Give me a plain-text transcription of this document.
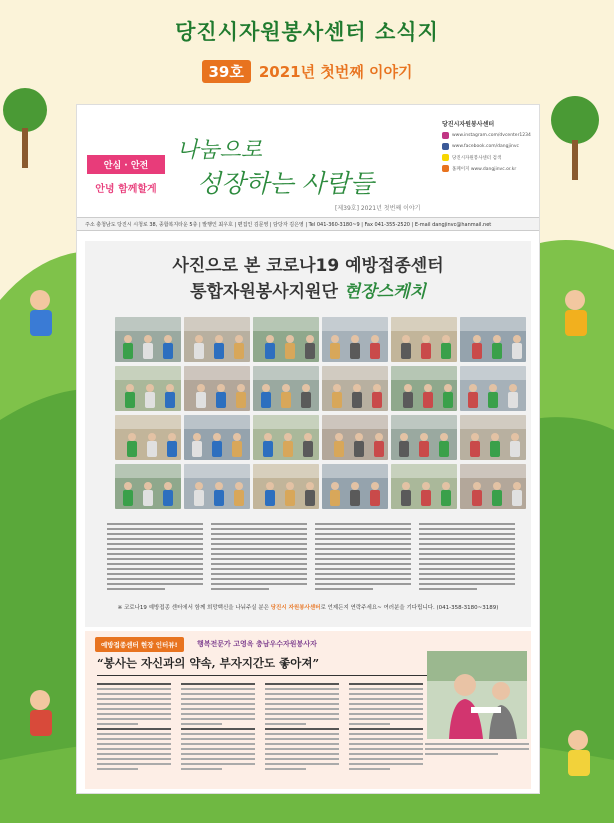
당진시자원봉사센터 소식지
39호 2021년 첫번째 이야기
안심 · 안전
안녕 함께할게
나눔으로
성장하는 사람들
[제39호] 2021년 첫번째 이야기
당진시자원봉사센터
www.instagram.com/dvcenter1234
www.facebook.com/dangjinvc
당진시자원봉사센터 검색
홈페이지 www.dangjinvc.or.kr
주소 충청남도 당진시 시청로 38, 종합복지타운 5층 | 발행인 최우호 | 편집인 김문영 | 담당자 김은영 | Tel 041-360-3180~9 | Fax 041-355-2520 | E-mail dangjinvc@hanmail.net
사진으로 본 코로나19 예방접종센터
통합자원봉사지원단 현장스케치
※ 코로나19 예방접종 센터에서 함께 희망백신을 나눠주실 분은 당진시 자원봉사센터로 언제든지 연락주세요~ 여러분을 기다립니다. (041-358-3180~3189)
예방접종센터 현장 인터뷰!	행복전문가 고영옥 충남우수자원봉사자
“봉사는 자신과의 약속, 부자지간도 좋아져”
